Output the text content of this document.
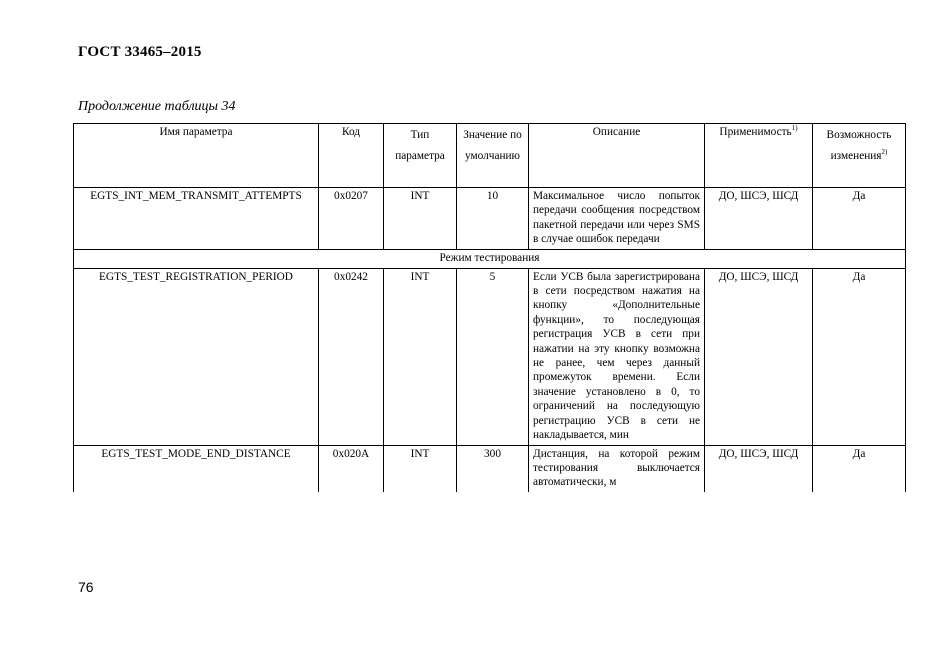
ГОСТ 33465–2015
Продолжение таблицы 34
Имя параметра	Код	Тип параметра	Значение по умолчанию	Описание	Применимость$^{1)}$	Возможность изменения$^{2)}$

EGTS_INT_MEM_TRANSMIT_ATTEMPTS	0x0207	INT	10	Максимальное число попыток передачи сообщения посредством пакетной передачи или через SMS в случае ошибок передачи	ДО, ШСЭ, ШСД	Да
Режим тестирования						
EGTS_TEST_REGISTRATION_PERIOD	0x0242	INT	5	Если УСВ была зарегистрирована в сети посредством нажатия на кнопку «Дополнительные функции», то последующая регистрация УСВ в сети при нажатии на эту кнопку возможна не ранее, чем через данный промежуток времени. Если значение установлено в 0, то ограничений на последующую регистрацию УСВ в сети не накладывается, мин	ДО, ШСЭ, ШСД	Да
EGTS_TEST_MODE_END_DISTANCE	0x020A	INT	300	Дистанция, на которой режим тестирования выключается автоматически, м	ДО, ШСЭ, ШСД	Да
76
